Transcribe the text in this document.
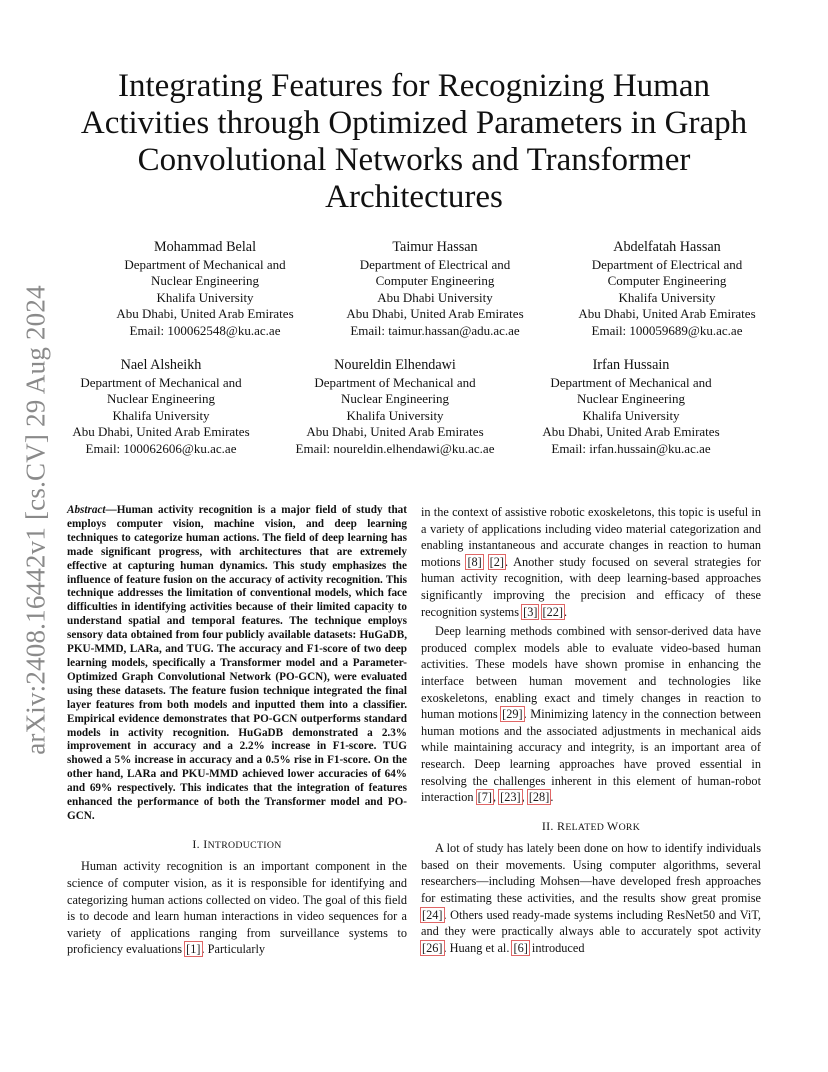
arXiv:2408.16442v1 [cs.CV] 29 Aug 2024
Integrating Features for Recognizing Human
Activities through Optimized Parameters in Graph
Convolutional Networks and Transformer
Architectures
Mohammad Belal
Department of Mechanical and
Nuclear Engineering
Khalifa University
Abu Dhabi, United Arab Emirates
Email: 100062548@ku.ac.ae
Taimur Hassan
Department of Electrical and
Computer Engineering
Abu Dhabi University
Abu Dhabi, United Arab Emirates
Email: taimur.hassan@adu.ac.ae
Abdelfatah Hassan
Department of Electrical and
Computer Engineering
Khalifa University
Abu Dhabi, United Arab Emirates
Email: 100059689@ku.ac.ae
Nael Alsheikh
Department of Mechanical and
Nuclear Engineering
Khalifa University
Abu Dhabi, United Arab Emirates
Email: 100062606@ku.ac.ae
Noureldin Elhendawi
Department of Mechanical and
Nuclear Engineering
Khalifa University
Abu Dhabi, United Arab Emirates
Email: noureldin.elhendawi@ku.ac.ae
Irfan Hussain
Department of Mechanical and
Nuclear Engineering
Khalifa University
Abu Dhabi, United Arab Emirates
Email: irfan.hussain@ku.ac.ae

Abstract—Human activity recognition is a major field of study that employs computer vision, machine vision, and deep learning techniques to categorize human actions. The field of deep learning has made significant progress, with architectures that are extremely effective at capturing human dynamics. This study emphasizes the influence of feature fusion on the accuracy of activity recognition. This technique addresses the limitation of conventional models, which face difficulties in identifying activities because of their limited capacity to understand spatial and temporal features. The technique employs sensory data obtained from four publicly available datasets: HuGaDB, PKU-MMD, LARa, and TUG. The accuracy and F1-score of two deep learning models, specifically a Transformer model and a Parameter-Optimized Graph Convolutional Network (PO-GCN), were evaluated using these datasets. The feature fusion technique integrated the final layer features from both models and inputted them into a classifier. Empirical evidence demonstrates that PO-GCN outperforms standard models in activity recognition. HuGaDB demonstrated a 2.3% improvement in accuracy and a 2.2% increase in F1-score. TUG showed a 5% increase in accuracy and a 0.5% rise in F1-score. On the other hand, LARa and PKU-MMD achieved lower accuracies of 64% and 69% respectively. This indicates that the integration of features enhanced the performance of both the Transformer model and PO-GCN.

I. INTRODUCTION

Human activity recognition is an important component in the science of computer vision, as it is responsible for identifying and categorizing human actions collected on video. The goal of this field is to decode and learn human interactions in video sequences for a variety of applications ranging from surveillance systems to proficiency evaluations [1]. Particularly

in the context of assistive robotic exoskeletons, this topic is useful in a variety of applications including video material categorization and enabling instantaneous and accurate changes in reaction to human motions [8] [2]. Another study focused on several strategies for human activity recognition, with deep learning-based approaches significantly improving the precision and efficacy of these recognition systems [3] [22].

Deep learning methods combined with sensor-derived data have produced complex models able to evaluate video-based human activities. These models have shown promise in enhancing the interface between human movement and technologies like exoskeletons, enabling exact and timely changes in reaction to human motions [29]. Minimizing latency in the connection between human motions and the associated adjustments in mechanical aids while maintaining accuracy and integrity, is an important area of research. Deep learning approaches have proved essential in resolving the challenges inherent in this element of human-robot interaction [7], [23], [28].

II. RELATED WORK

A lot of study has lately been done on how to identify individuals based on their movements. Using computer algorithms, several researchers—including Mohsen—have developed fresh approaches for estimating these activities, and the results show great promise [24]. Others used ready-made systems including ResNet50 and ViT, and they were practically always able to accurately spot activity [26]. Huang et al. [6] introduced
